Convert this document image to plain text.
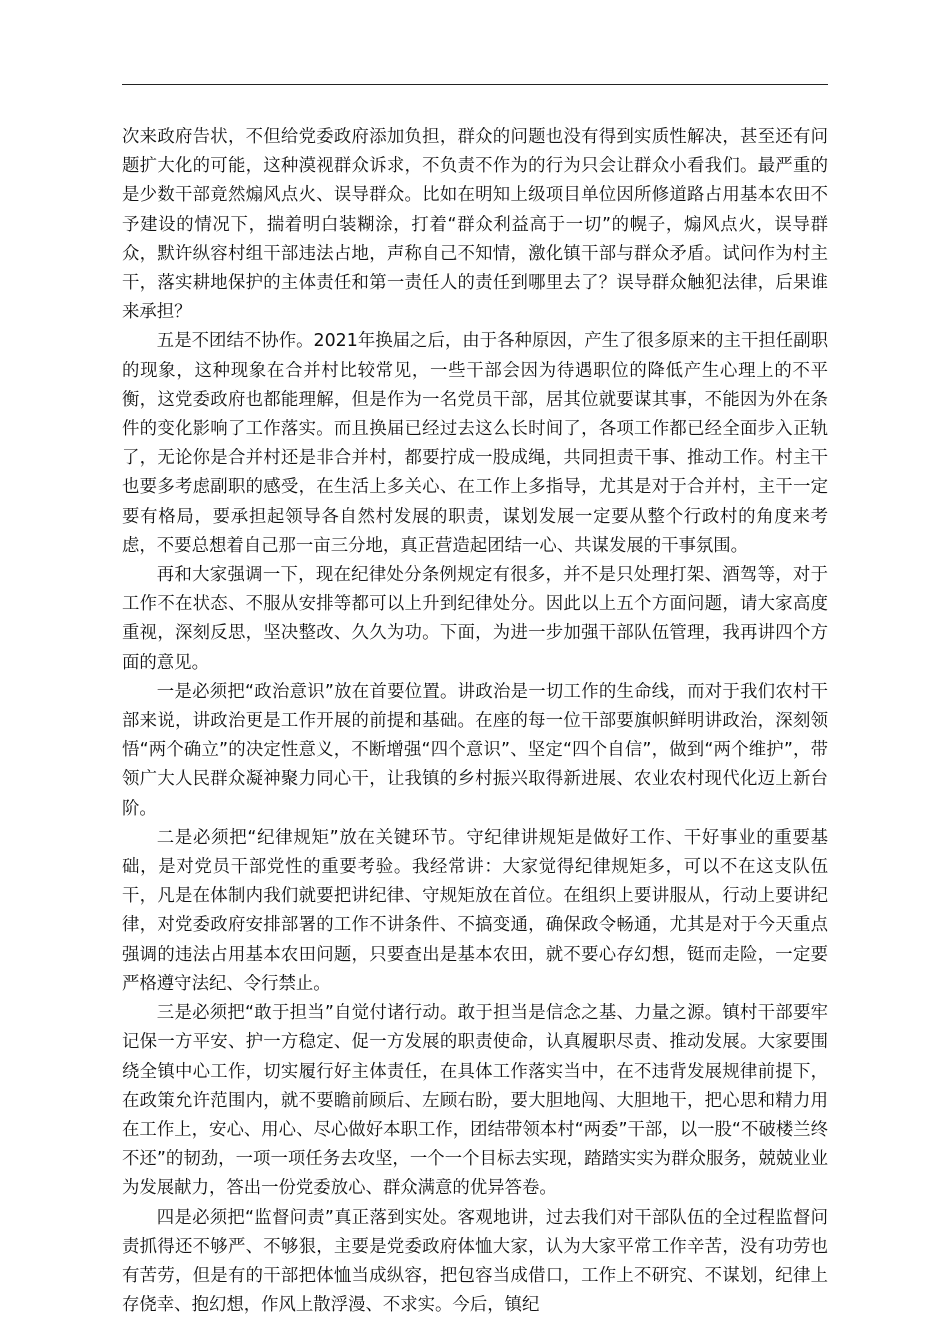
次来政府告状，不但给党委政府添加负担，群众的问题也没有得到实质性解决，甚至还有问题扩大化的可能，这种漠视群众诉求，不负责不作为的行为只会让群众小看我们。最严重的是少数干部竟然煽风点火、误导群众。比如在明知上级项目单位因所修道路占用基本农田不予建设的情况下，揣着明白装糊涂，打着“群众利益高于一切”的幌子，煽风点火，误导群众，默许纵容村组干部违法占地，声称自己不知情，激化镇干部与群众矛盾。试问作为村主干，落实耕地保护的主体责任和第一责任人的责任到哪里去了？误导群众触犯法律，后果谁来承担？

五是不团结不协作。2021年换届之后，由于各种原因，产生了很多原来的主干担任副职的现象，这种现象在合并村比较常见，一些干部会因为待遇职位的降低产生心理上的不平衡，这党委政府也都能理解，但是作为一名党员干部，居其位就要谋其事，不能因为外在条件的变化影响了工作落实。而且换届已经过去这么长时间了，各项工作都已经全面步入正轨了，无论你是合并村还是非合并村，都要拧成一股成绳，共同担责干事、推动工作。村主干也要多考虑副职的感受，在生活上多关心、在工作上多指导，尤其是对于合并村，主干一定要有格局，要承担起领导各自然村发展的职责，谋划发展一定要从整个行政村的角度来考虑，不要总想着自己那一亩三分地，真正营造起团结一心、共谋发展的干事氛围。

再和大家强调一下，现在纪律处分条例规定有很多，并不是只处理打架、酒驾等，对于工作不在状态、不服从安排等都可以上升到纪律处分。因此以上五个方面问题，请大家高度重视，深刻反思，坚决整改、久久为功。下面，为进一步加强干部队伍管理，我再讲四个方面的意见。

一是必须把“政治意识”放在首要位置。讲政治是一切工作的生命线，而对于我们农村干部来说，讲政治更是工作开展的前提和基础。在座的每一位干部要旗帜鲜明讲政治，深刻领悟“两个确立”的决定性意义，不断增强“四个意识”、坚定“四个自信”，做到“两个维护”，带领广大人民群众凝神聚力同心干，让我镇的乡村振兴取得新进展、农业农村现代化迈上新台阶。

二是必须把“纪律规矩”放在关键环节。守纪律讲规矩是做好工作、干好事业的重要基础，是对党员干部党性的重要考验。我经常讲：大家觉得纪律规矩多，可以不在这支队伍干，凡是在体制内我们就要把讲纪律、守规矩放在首位。在组织上要讲服从，行动上要讲纪律，对党委政府安排部署的工作不讲条件、不搞变通，确保政令畅通，尤其是对于今天重点强调的违法占用基本农田问题，只要查出是基本农田，就不要心存幻想，铤而走险，一定要严格遵守法纪、令行禁止。

三是必须把“敢于担当”自觉付诸行动。敢于担当是信念之基、力量之源。镇村干部要牢记保一方平安、护一方稳定、促一方发展的职责使命，认真履职尽责、推动发展。大家要围绕全镇中心工作，切实履行好主体责任，在具体工作落实当中，在不违背发展规律前提下，在政策允许范围内，就不要瞻前顾后、左顾右盼，要大胆地闯、大胆地干，把心思和精力用在工作上，安心、用心、尽心做好本职工作，团结带领本村“两委”干部，以一股“不破楼兰终不还”的韧劲，一项一项任务去攻坚，一个一个目标去实现，踏踏实实为群众服务，兢兢业业为发展献力，答出一份党委放心、群众满意的优异答卷。

四是必须把“监督问责”真正落到实处。客观地讲，过去我们对干部队伍的全过程监督问责抓得还不够严、不够狠，主要是党委政府体恤大家，认为大家平常工作辛苦，没有功劳也有苦劳，但是有的干部把体恤当成纵容，把包容当成借口，工作上不研究、不谋划，纪律上存侥幸、抱幻想，作风上散浮漫、不求实。今后，镇纪
